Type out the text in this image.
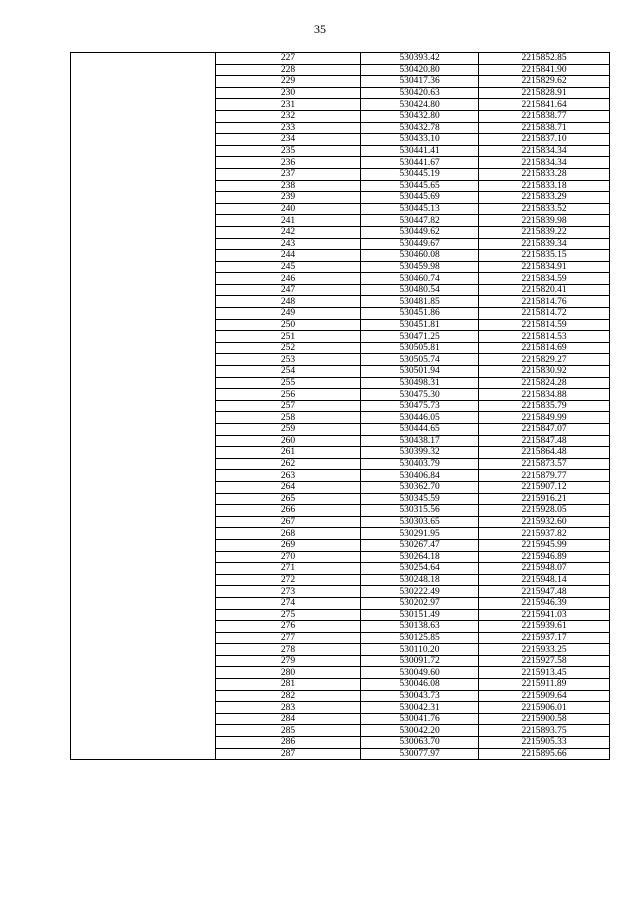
35
	227	530393.42	2215852.85
	228	530420.80	2215841.90
	229	530417.36	2215829.62
	230	530420.63	2215828.91
	231	530424.80	2215841.64
	232	530432.80	2215838.77
	233	530432.78	2215838.71
	234	530433.10	2215837.10
	235	530441.41	2215834.34
	236	530441.67	2215834.34
	237	530445.19	2215833.28
	238	530445.65	2215833.18
	239	530445.69	2215833.29
	240	530445.13	2215833.52
	241	530447.82	2215839.98
	242	530449.62	2215839.22
	243	530449.67	2215839.34
	244	530460.08	2215835.15
	245	530459.98	2215834.91
	246	530460.74	2215834.59
	247	530480.54	2215820.41
	248	530481.85	2215814.76
	249	530451.86	2215814.72
	250	530451.81	2215814.59
	251	530471.25	2215814.53
	252	530505.81	2215814.69
	253	530505.74	2215829.27
	254	530501.94	2215830.92
	255	530498.31	2215824.28
	256	530475.30	2215834.88
	257	530475.73	2215835.79
	258	530446.05	2215849.99
	259	530444.65	2215847.07
	260	530438.17	2215847.48
	261	530399.32	2215864.48
	262	530403.79	2215873.57
	263	530406.84	2215879.77
	264	530362.70	2215907.12
	265	530345.59	2215916.21
	266	530315.56	2215928.05
	267	530303.65	2215932.60
	268	530291.95	2215937.82
	269	530267.47	2215945.99
	270	530264.18	2215946.89
	271	530254.64	2215948.07
	272	530248.18	2215948.14
	273	530222.49	2215947.48
	274	530202.97	2215946.39
	275	530151.49	2215941.03
	276	530138.63	2215939.61
	277	530125.85	2215937.17
	278	530110.20	2215933.25
	279	530091.72	2215927.58
	280	530049.60	2215913.45
	281	530046.08	2215911.89
	282	530043.73	2215909.64
	283	530042.31	2215906.01
	284	530041.76	2215900.58
	285	530042.20	2215893.75
	286	530063.70	2215905.33
	287	530077.97	2215895.66
